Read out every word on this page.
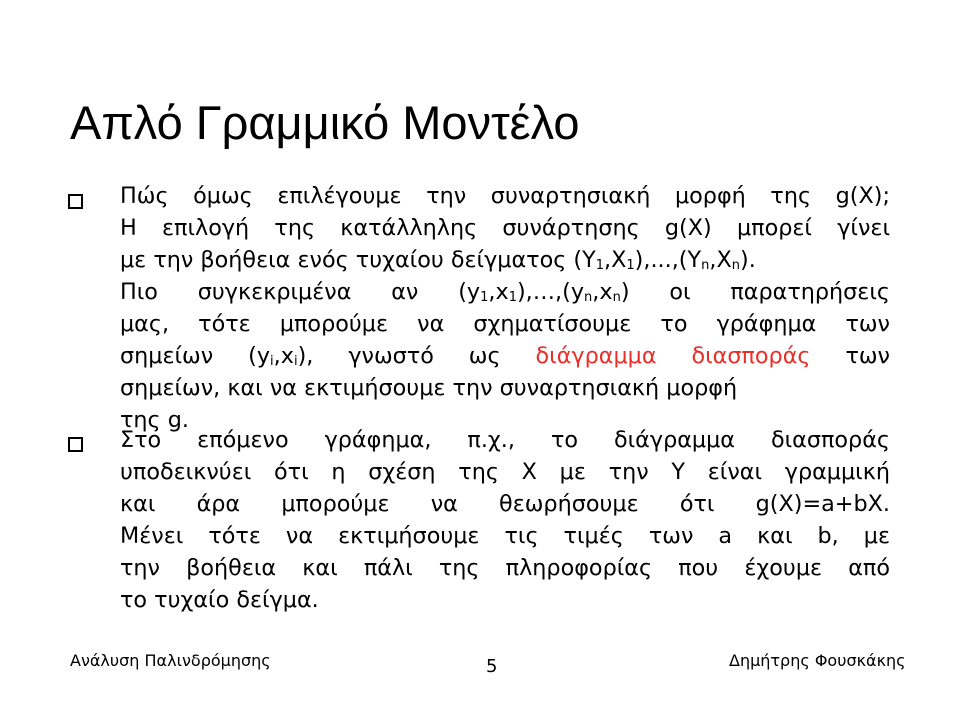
Απλό Γραμμικό Μοντέλο
Πώς όμως επιλέγουμε την συναρτησιακή μορφή της g(X);
Η επιλογή της κατάλληλης συνάρτησης g(X) μπορεί γίνει
με την βοήθεια ενός τυχαίου δείγματος $(Y_1,X_1),...,(Y_n,X_n)$.
Πιο συγκεκριμένα αν $(y_1,x_1),\dots,(y_n,x_n)$ οι παρατηρήσεις
μας, τότε μπορούμε να σχηματίσουμε το γράφημα των
σημείων $(y_i,x_i)$, γνωστό ως διάγραμμα διασποράς των
σημείων, και να εκτιμήσουμε την συναρτησιακή μορφή
της g.
Στο επόμενο γράφημα, π.χ., το διάγραμμα διασποράς
υποδεικνύει ότι η σχέση της X με την Y είναι γραμμική
και άρα μπορούμε να θεωρήσουμε ότι g(X)=a+bX.
Μένει τότε να εκτιμήσουμε τις τιμές των a και b, με
την βοήθεια και πάλι της πληροφορίας που έχουμε από
το τυχαίο δείγμα.
Ανάλυση Παλινδρόμησης	5	Δημήτρης Φουσκάκης
